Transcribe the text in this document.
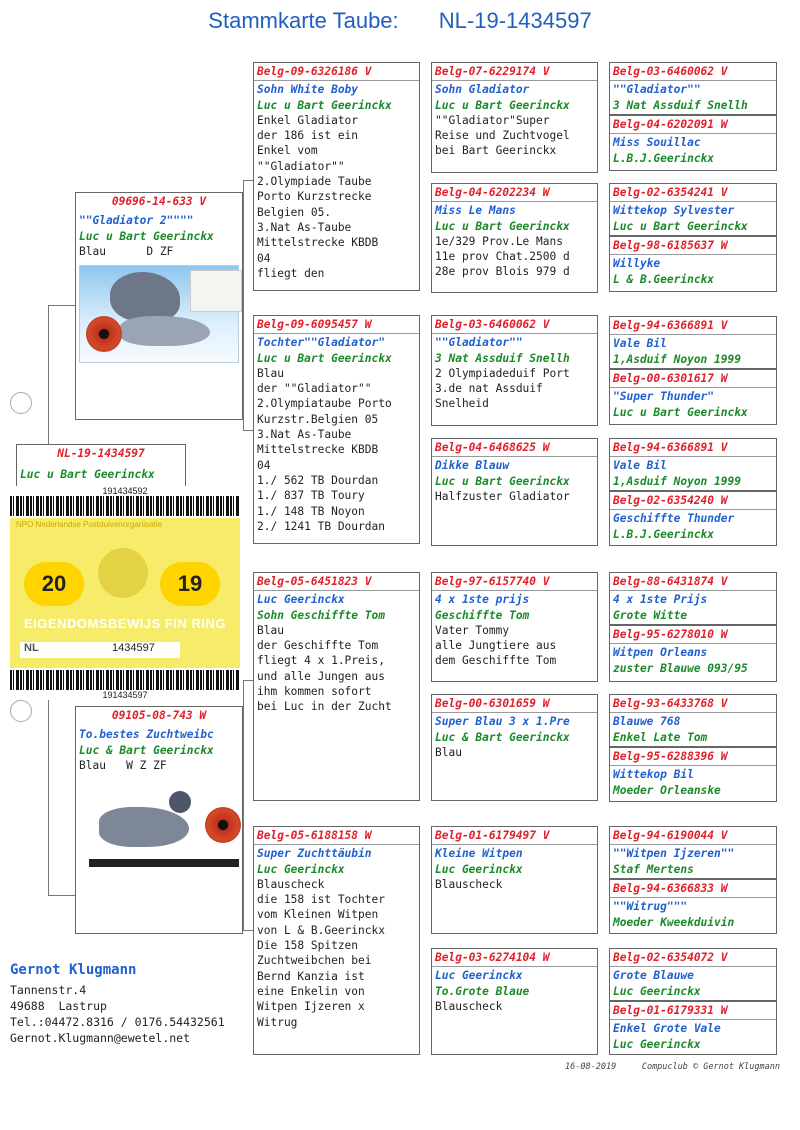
Stammkarte Taube: NL-19-1434597
NL-19-1434597
Luc u Bart Geerinckx
191434592
NPO Nederlandse Postduivenorganisatie
20	19
EIGENDOMSBEWIJS FIN RING
NL	1434597
191434597
09696-14-633 V
""Gladiator 2""""
Luc u Bart Geerinckx
Blau      D ZF
09105-08-743 W
To.bestes Zuchtweibc
Luc & Bart Geerinckx
Blau   W Z ZF
Belg-09-6326186 V
Sohn White Boby
Luc u Bart Geerinckx
Enkel Gladiator
der 186 ist ein
Enkel vom
""Gladiator""
2.Olympiade Taube
Porto Kurzstrecke
Belgien 05.
3.Nat As-Taube
Mittelstrecke KBDB
04
fliegt den
Belg-09-6095457 W
Tochter""Gladiator"
Luc u Bart Geerinckx
Blau
der ""Gladiator""
2.Olympiataube Porto
Kurzstr.Belgien 05
3.Nat As-Taube
Mittelstrecke KBDB
04
1./ 562 TB Dourdan
1./ 837 TB Toury
1./ 148 TB Noyon
2./ 1241 TB Dourdan
Belg-05-6451823 V
Luc Geerinckx
Sohn Geschiffte Tom
Blau
der Geschiffte Tom
fliegt 4 x 1.Preis,
und alle Jungen aus
ihm kommen sofort
bei Luc in der Zucht
Belg-05-6188158 W
Super Zuchttäubin
Luc Geerinckx
Blauscheck
die 158 ist Tochter
vom Kleinen Witpen
von L & B.Geerinckx
Die 158 Spitzen
Zuchtweibchen bei
Bernd Kanzia ist
eine Enkelin von
Witpen Ijzeren x
Witrug
Belg-07-6229174 V
Sohn Gladiator
Luc u Bart Geerinckx
""Gladiator"Super
Reise und Zuchtvogel
bei Bart Geerinckx
Belg-04-6202234 W
Miss Le Mans
Luc u Bart Geerinckx
1e/329 Prov.Le Mans
11e prov Chat.2500 d
28e prov Blois 979 d
Belg-03-6460062 V
""Gladiator""
3 Nat Assduif Snellh
2 Olympiadeduif Port
3.de nat Assduif
Snelheid
Belg-04-6468625 W
Dikke Blauw
Luc u Bart Geerinckx
Halfzuster Gladiator
Belg-97-6157740 V
4 x 1ste prijs
Geschiffte Tom
Vater Tommy
alle Jungtiere aus
dem Geschiffte Tom
Belg-00-6301659 W
Super Blau 3 x 1.Pre
Luc & Bart Geerinckx
Blau
Belg-01-6179497 V
Kleine Witpen
Luc Geerinckx
Blauscheck
Belg-03-6274104 W
Luc Geerinckx
To.Grote Blaue
Blauscheck
Belg-03-6460062 V
""Gladiator""
3 Nat Assduif Snellh
Belg-04-6202091 W
Miss Souillac
L.B.J.Geerinckx
Belg-02-6354241 V
Wittekop Sylvester
Luc u Bart Geerinckx
Belg-98-6185637 W
Willyke
L & B.Geerinckx
Belg-94-6366891 V
Vale Bil
1,Asduif Noyon 1999
Belg-00-6301617 W
"Super Thunder"
Luc u Bart Geerinckx
Belg-94-6366891 V
Vale Bil
1,Asduif Noyon 1999
Belg-02-6354240 W
Geschiffte Thunder
L.B.J.Geerinckx
Belg-88-6431874 V
4 x 1ste Prijs
Grote Witte
Belg-95-6278010 W
Witpen Orleans
zuster Blauwe 093/95
Belg-93-6433768 V
Blauwe 768
Enkel Late Tom
Belg-95-6288396 W
Wittekop Bil
Moeder Orleanske
Belg-94-6190044 V
""Witpen Ijzeren""
Staf Mertens
Belg-94-6366833 W
""Witrug"""
Moeder Kweekduivin
Belg-02-6354072 V
Grote Blauwe
Luc Geerinckx
Belg-01-6179331 W
Enkel Grote Vale
Luc Geerinckx
Gernot Klugmann
Tannenstr.4
49688  Lastrup
Tel.:04472.8316 / 0176.54432561
Gernot.Klugmann@ewetel.net
16-08-2019	Compuclub © Gernot Klugmann
